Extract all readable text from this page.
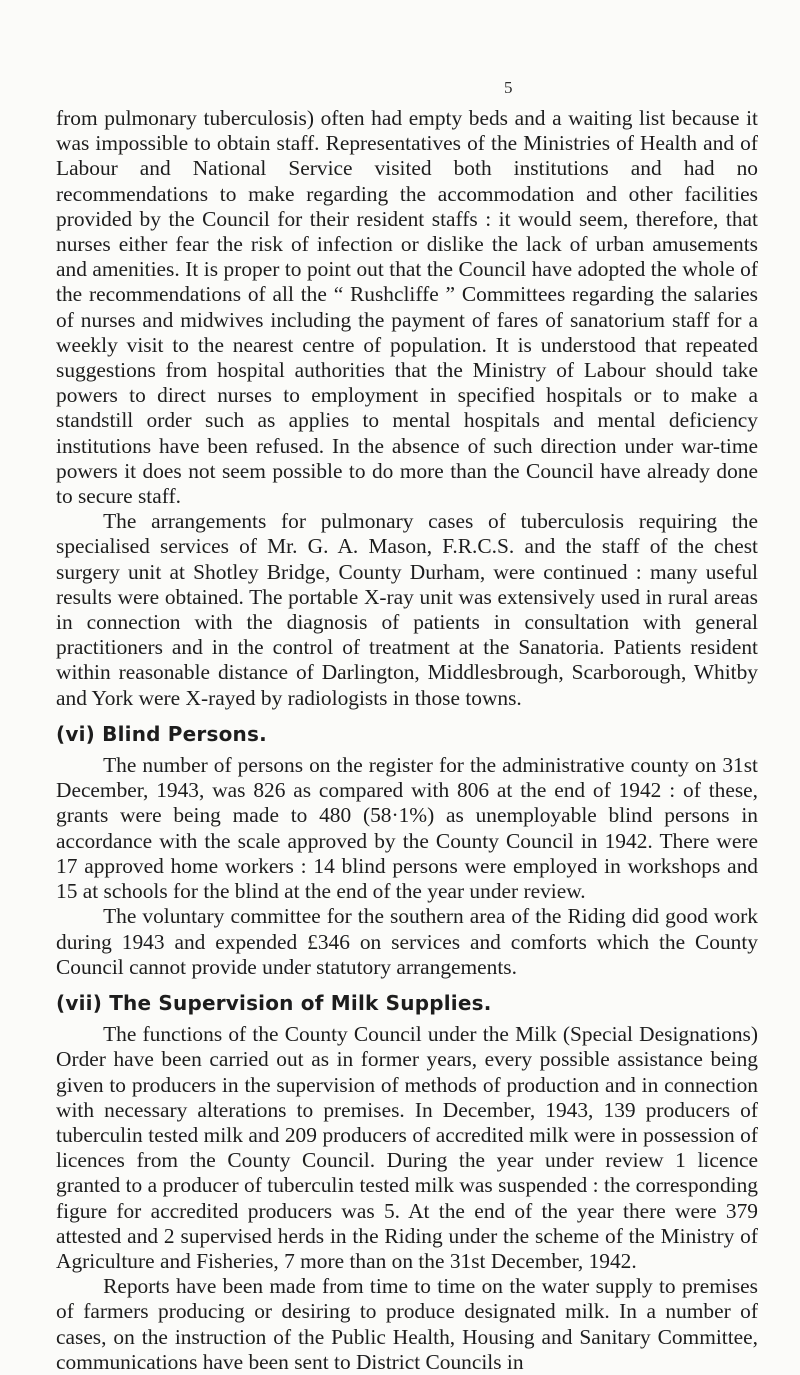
5

from pulmonary tuberculosis) often had empty beds and a waiting list because it was impossible to obtain staff. Representatives of the Ministries of Health and of Labour and National Service visited both institutions and had no recommendations to make regarding the accommodation and other facilities provided by the Council for their resident staffs : it would seem, therefore, that nurses either fear the risk of infection or dislike the lack of urban amusements and amenities. It is proper to point out that the Council have adopted the whole of the recommendations of all the “ Rushcliffe ” Committees regarding the salaries of nurses and midwives including the payment of fares of sanatorium staff for a weekly visit to the nearest centre of population. It is understood that repeated suggestions from hospital authorities that the Ministry of Labour should take powers to direct nurses to employment in specified hospitals or to make a standstill order such as applies to mental hospitals and mental deficiency institutions have been refused. In the absence of such direction under war-time powers it does not seem possible to do more than the Council have already done to secure staff.

The arrangements for pulmonary cases of tuberculosis requiring the specialised services of Mr. G. A. Mason, F.R.C.S. and the staff of the chest surgery unit at Shotley Bridge, County Durham, were continued : many useful results were obtained. The portable X-ray unit was extensively used in rural areas in connection with the diagnosis of patients in consultation with general practitioners and in the control of treatment at the Sanatoria. Patients resident within reasonable distance of Darlington, Middlesbrough, Scarborough, Whitby and York were X-rayed by radiologists in those towns.

(vi) Blind Persons.

The number of persons on the register for the administrative county on 31st December, 1943, was 826 as compared with 806 at the end of 1942 : of these, grants were being made to 480 (58·1%) as unemployable blind persons in accordance with the scale approved by the County Council in 1942. There were 17 approved home workers : 14 blind persons were employed in workshops and 15 at schools for the blind at the end of the year under review.

The voluntary committee for the southern area of the Riding did good work during 1943 and expended £346 on services and comforts which the County Council cannot provide under statutory arrangements.

(vii) The Supervision of Milk Supplies.

The functions of the County Council under the Milk (Special Designations) Order have been carried out as in former years, every possible assistance being given to producers in the supervision of methods of production and in connection with necessary alterations to premises. In December, 1943, 139 producers of tuberculin tested milk and 209 producers of accredited milk were in possession of licences from the County Council. During the year under review 1 licence granted to a producer of tuberculin tested milk was suspended : the corresponding figure for accredited producers was 5. At the end of the year there were 379 attested and 2 supervised herds in the Riding under the scheme of the Ministry of Agriculture and Fisheries, 7 more than on the 31st December, 1942.

Reports have been made from time to time on the water supply to premises of farmers producing or desiring to produce designated milk. In a number of cases, on the instruction of the Public Health, Housing and Sanitary Committee, communications have been sent to District Councils in
